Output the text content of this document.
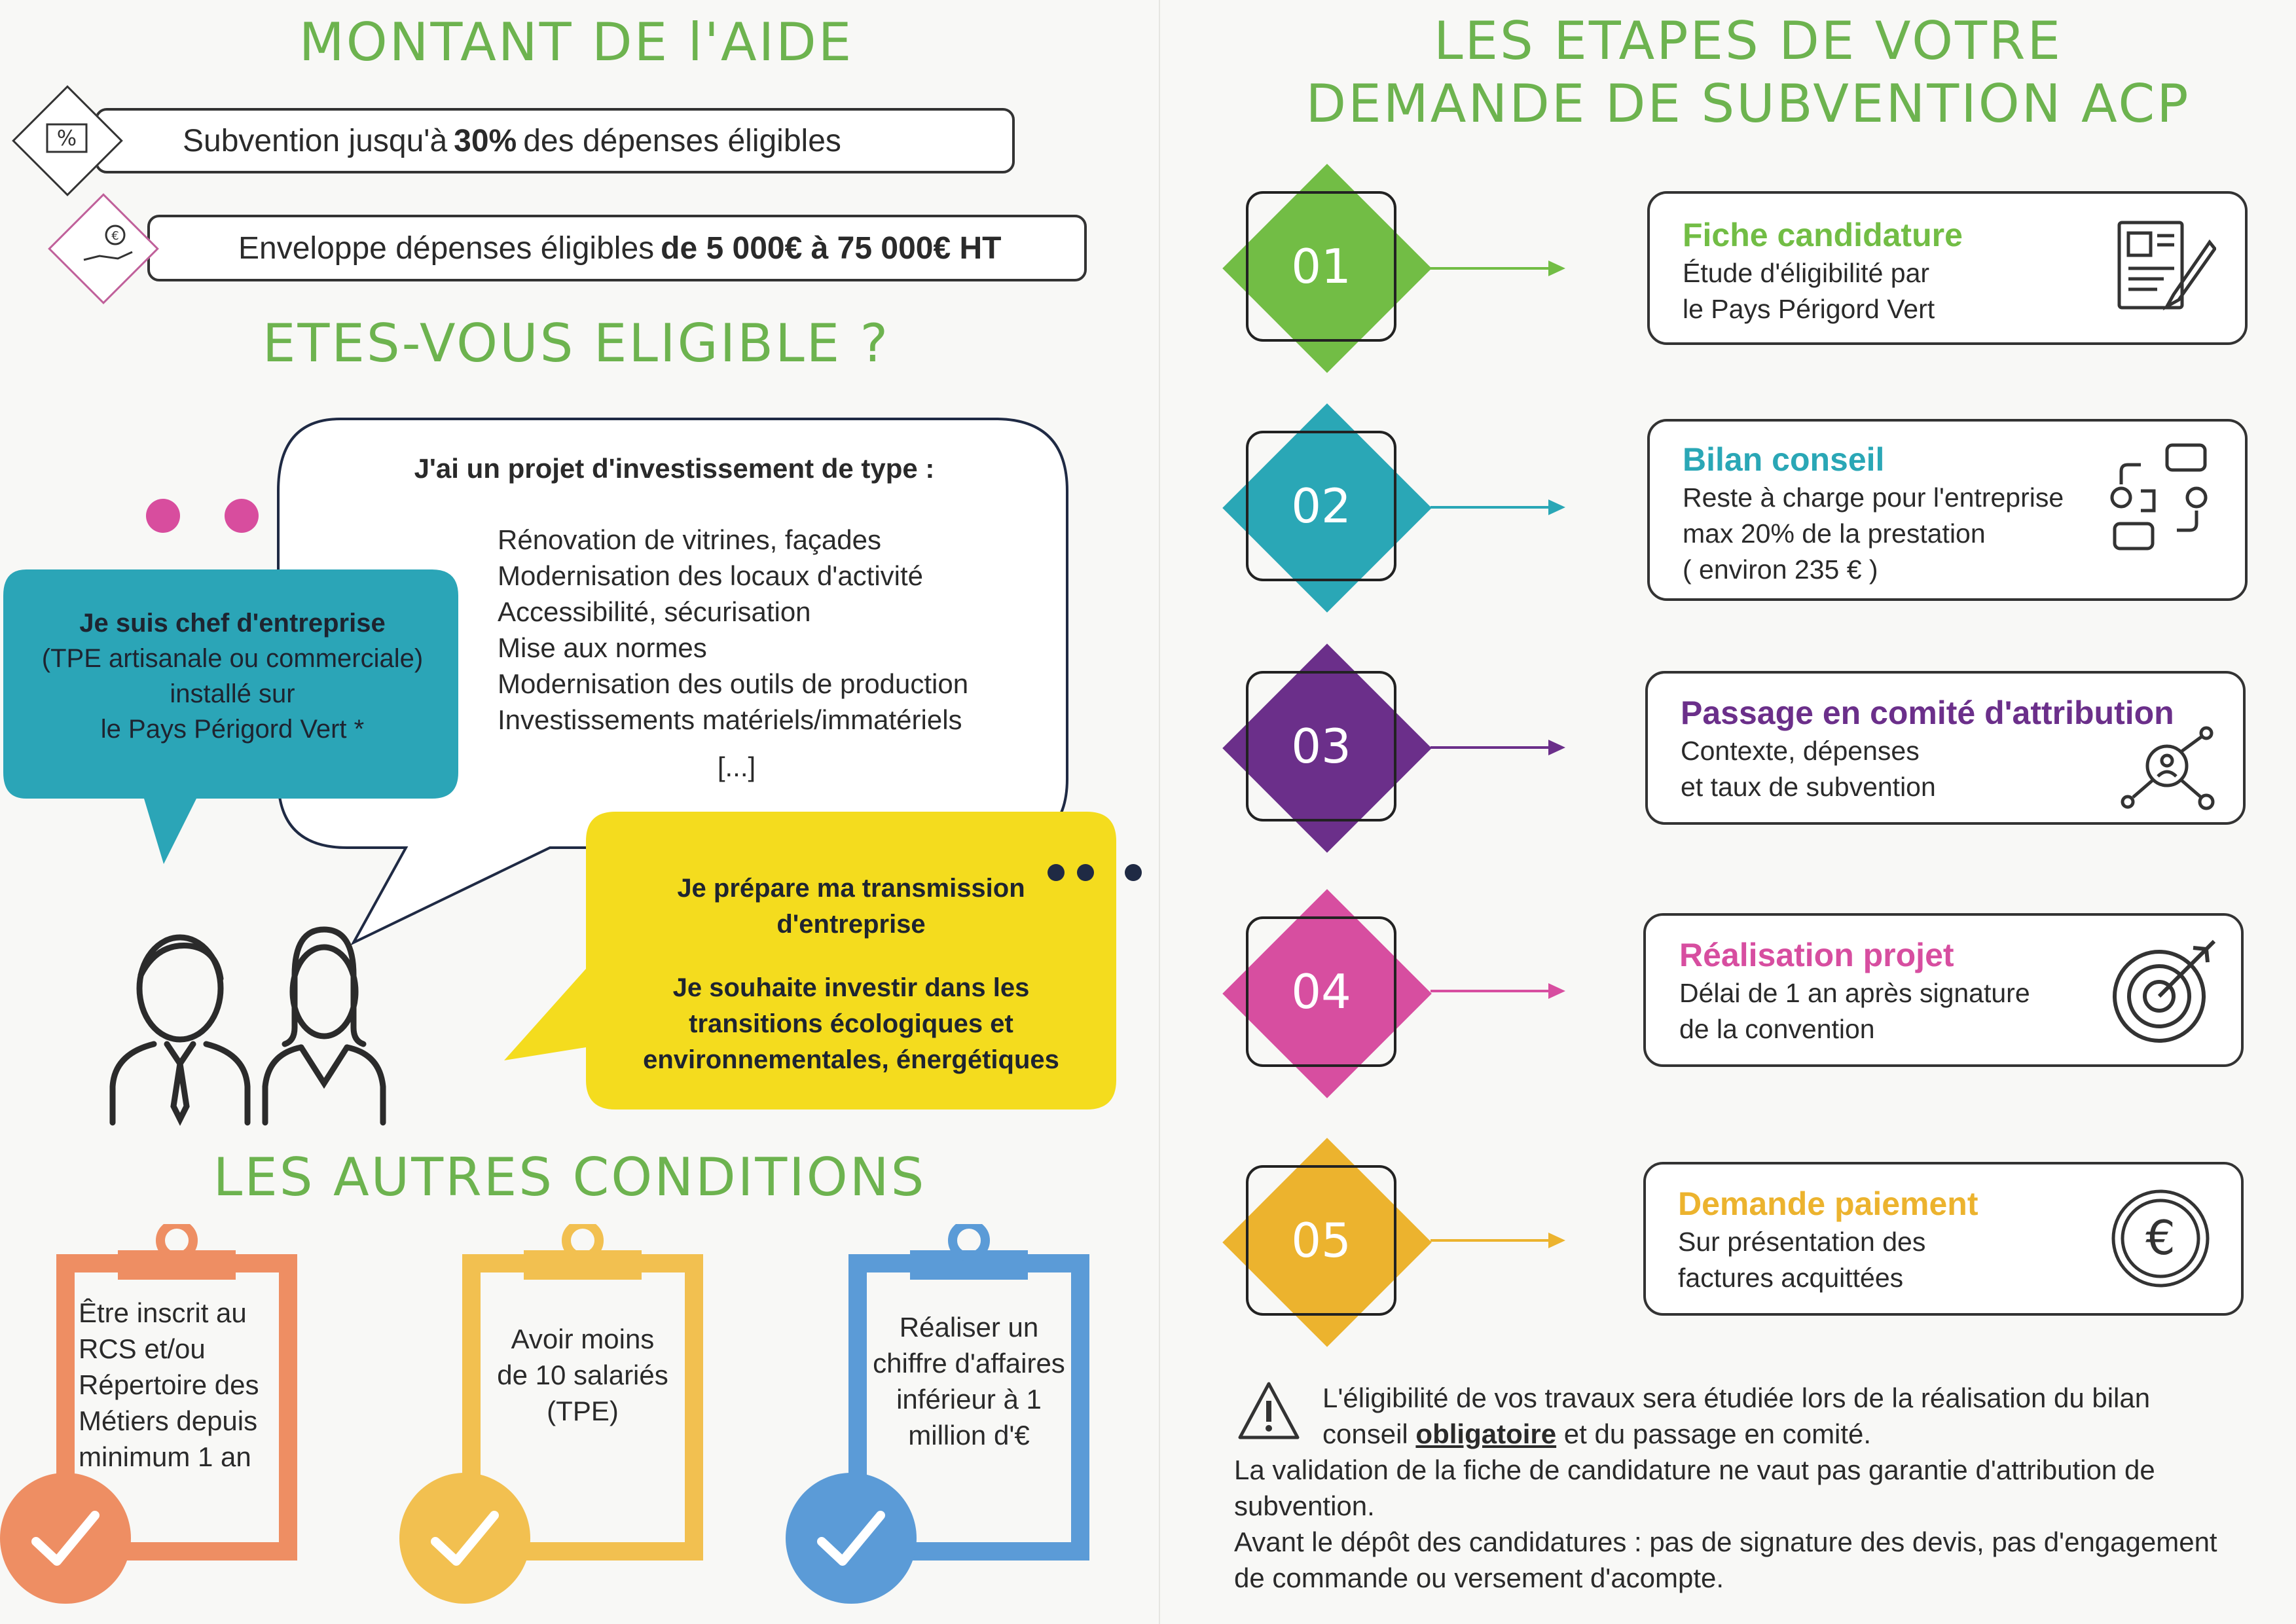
MONTANT DE l'AIDE
Subvention jusqu'à 30% des dépenses éligibles
%
Enveloppe dépenses éligibles de 5 000€ à 75 000€ HT
€
ETES-VOUS ELIGIBLE ?
J'ai un projet d'investissement de type :
Rénovation de vitrines, façades
Modernisation des locaux d'activité
Accessibilité, sécurisation
Mise aux normes
Modernisation des outils de production
Investissements matériels/immatériels
[...]
Je suis chef d'entreprise
(TPE artisanale ou commerciale)
installé sur
le Pays Périgord Vert *
Je prépare ma transmission
d'entreprise
Je souhaite investir dans les
transitions écologiques et
environnementales, énergétiques
LES AUTRES CONDITIONS
Être inscrit au
RCS et/ou
Répertoire des
Métiers depuis
minimum 1 an
Avoir moins
de 10 salariés
(TPE)
Réaliser un
chiffre d'affaires
inférieur à 1
million d'€
LES ETAPES DE VOTRE
DEMANDE DE SUBVENTION ACP
01
Fiche candidature
Étude d'éligibilité par
le Pays Périgord Vert
02
Bilan conseil
Reste à charge pour l'entreprise
max 20% de la prestation
( environ 235 € )
03
Passage en comité d'attribution
Contexte, dépenses
et taux de subvention
04
Réalisation projet
Délai de 1 an après signature
de la convention
05
Demande paiement
Sur présentation des
factures acquittées
€
L'éligibilité de vos travaux sera étudiée lors de la réalisation du bilan
conseil obligatoire et du passage en comité.
La validation de la fiche de candidature ne vaut pas garantie d'attribution de
subvention.
Avant le dépôt des candidatures : pas de signature des devis, pas d'engagement
de commande ou versement d'acompte.
